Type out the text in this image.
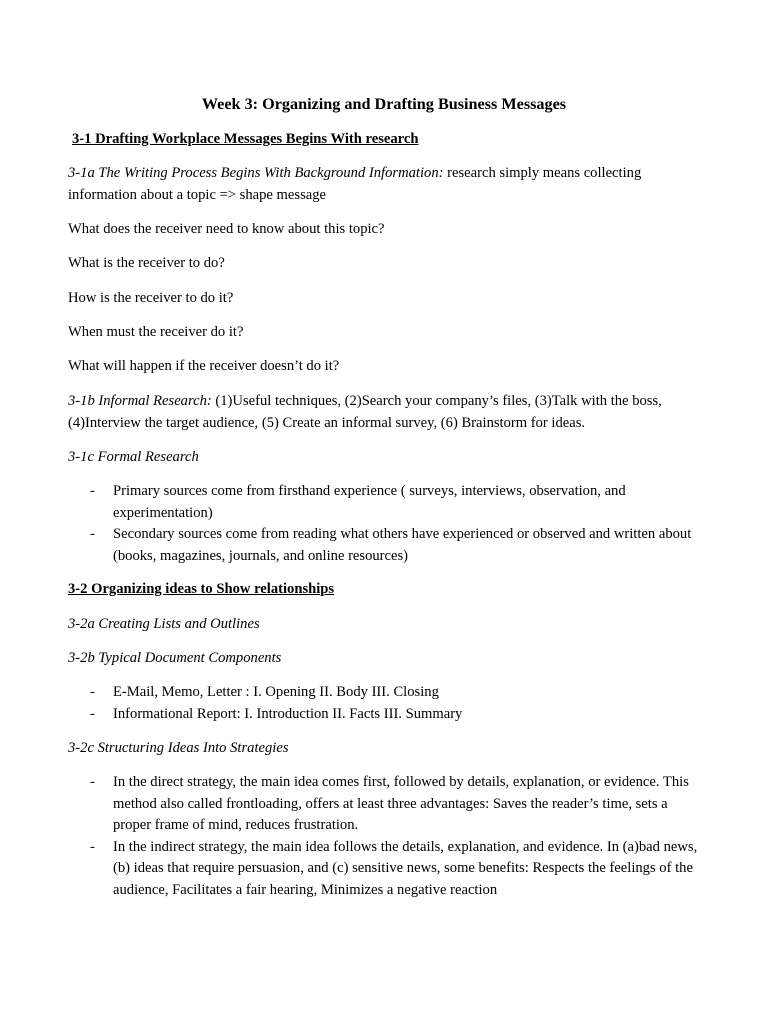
Week 3: Organizing and Drafting Business Messages
3-1 Drafting Workplace Messages Begins With research
3-1a The Writing Process Begins With Background Information: research simply means collecting information about a topic => shape message
What does the receiver need to know about this topic?
What is the receiver to do?
How is the receiver to do it?
When must the receiver do it?
What will happen if the receiver doesn’t do it?
3-1b Informal Research: (1)Useful techniques, (2)Search your company’s files, (3)Talk with the boss, (4)Interview the target audience, (5) Create an informal survey, (6) Brainstorm for ideas.
3-1c Formal Research
- Primary sources come from firsthand experience ( surveys, interviews, observation, and experimentation)
- Secondary sources come from reading what others have experienced or observed and written about (books, magazines, journals, and online resources)
3-2 Organizing ideas to Show relationships
3-2a Creating Lists and Outlines
3-2b Typical Document Components
- E-Mail, Memo, Letter : I. Opening II. Body III. Closing
- Informational Report: I. Introduction II. Facts III. Summary
3-2c Structuring Ideas Into Strategies
- In the direct strategy, the main idea comes first, followed by details, explanation, or evidence. This method also called frontloading, offers at least three advantages: Saves the reader’s time, sets a proper frame of mind, reduces frustration.
- In the indirect strategy, the main idea follows the details, explanation, and evidence. In (a)bad news, (b) ideas that require persuasion, and (c) sensitive news, some benefits: Respects the feelings of the audience, Facilitates a fair hearing, Minimizes a negative reaction
